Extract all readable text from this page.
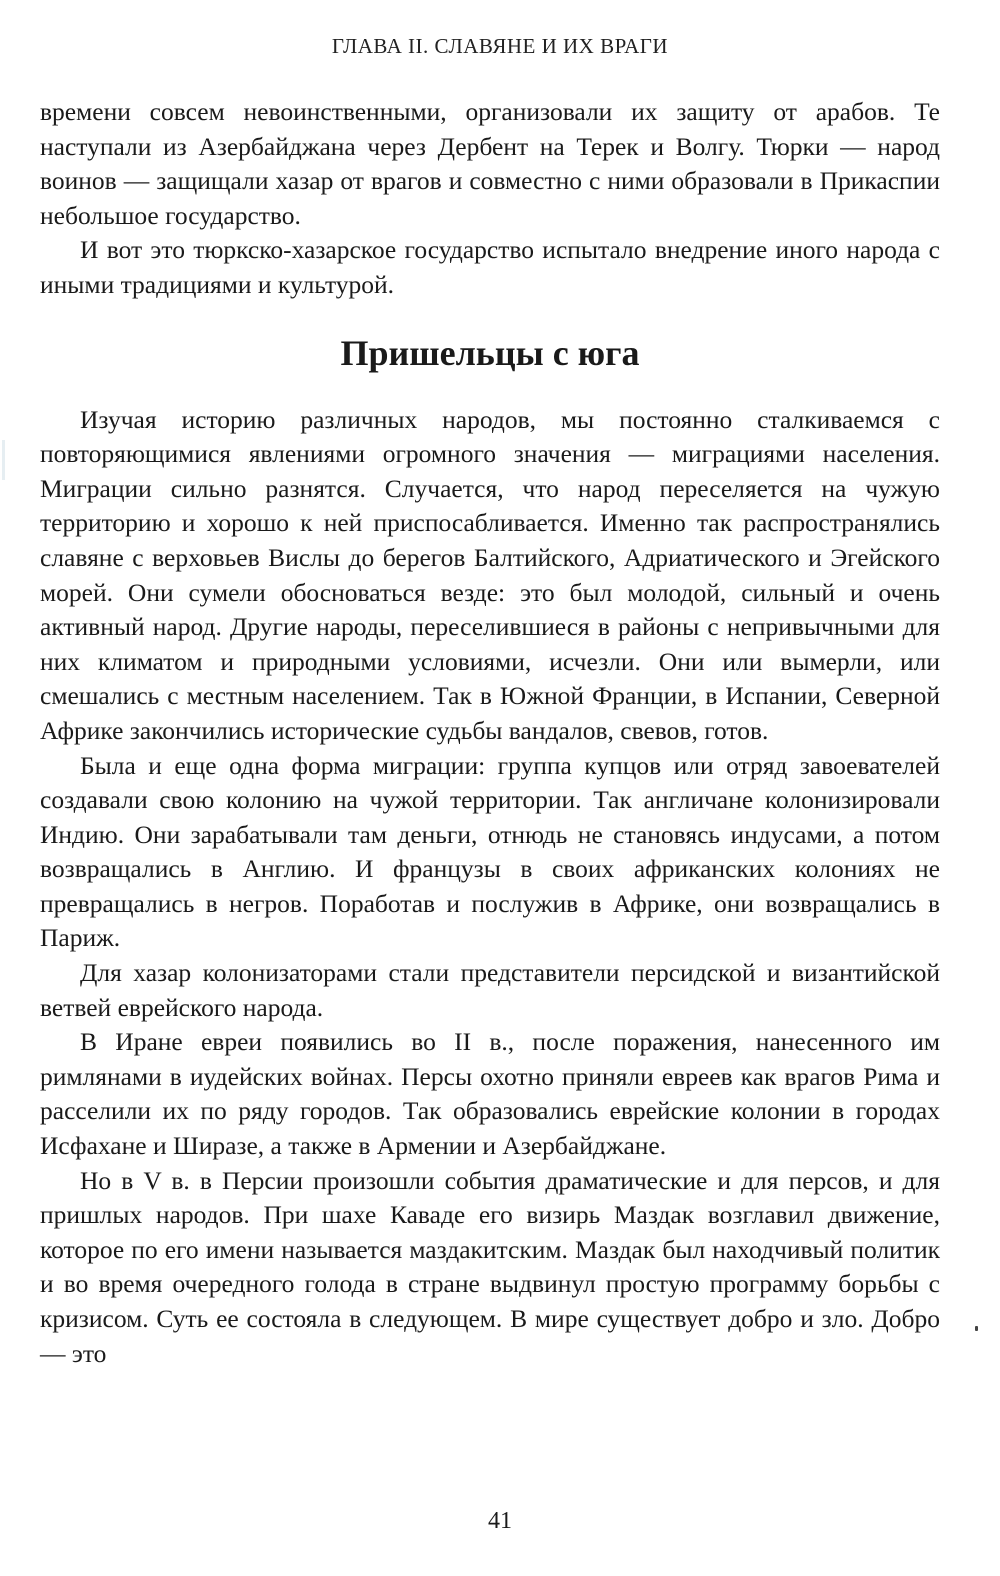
ГЛАВА II. СЛАВЯНЕ И ИХ ВРАГИ

времени совсем невоинственными, организовали их защиту от арабов. Те наступали из Азербайджана через Дербент на Терек и Волгу. Тюрки — народ воинов — защищали хазар от врагов и совместно с ними образовали в Прикаспии небольшое государство.

И вот это тюркско-хазарское государство испытало внедрение иного народа с иными традициями и культурой.

Пришельцы с юга

Изучая историю различных народов, мы постоянно сталкиваемся с повторяющимися явлениями огромного значения — миграциями населения. Миграции сильно разнятся. Случается, что народ переселяется на чужую территорию и хорошо к ней приспосабливается. Именно так распространялись славяне с верховьев Вислы до берегов Балтийского, Адриатического и Эгейского морей. Они сумели обосноваться везде: это был молодой, сильный и очень активный народ. Другие народы, переселившиеся в районы с непривычными для них климатом и природными условиями, исчезли. Они или вымерли, или смешались с местным населением. Так в Южной Франции, в Испании, Северной Африке закончились исторические судьбы вандалов, свевов, готов.

Была и еще одна форма миграции: группа купцов или отряд завоевателей создавали свою колонию на чужой территории. Так англичане колонизировали Индию. Они зарабатывали там деньги, отнюдь не становясь индусами, а потом возвращались в Англию. И французы в своих африканских колониях не превращались в негров. Поработав и послужив в Африке, они возвращались в Париж.

Для хазар колонизаторами стали представители персидской и византийской ветвей еврейского народа.

В Иране евреи появились во II в., после поражения, нанесенного им римлянами в иудейских войнах. Персы охотно приняли евреев как врагов Рима и расселили их по ряду городов. Так образовались еврейские колонии в городах Исфахане и Ширазе, а также в Армении и Азербайджане.

Но в V в. в Персии произошли события драматические и для персов, и для пришлых народов. При шахе Каваде его визирь Маздак возглавил движение, которое по его имени называется маздакитским. Маздак был находчивый политик и во время очередного голода в стране выдвинул простую программу борьбы с кризисом. Суть ее состояла в следующем. В мире существует добро и зло. Добро — это

41
